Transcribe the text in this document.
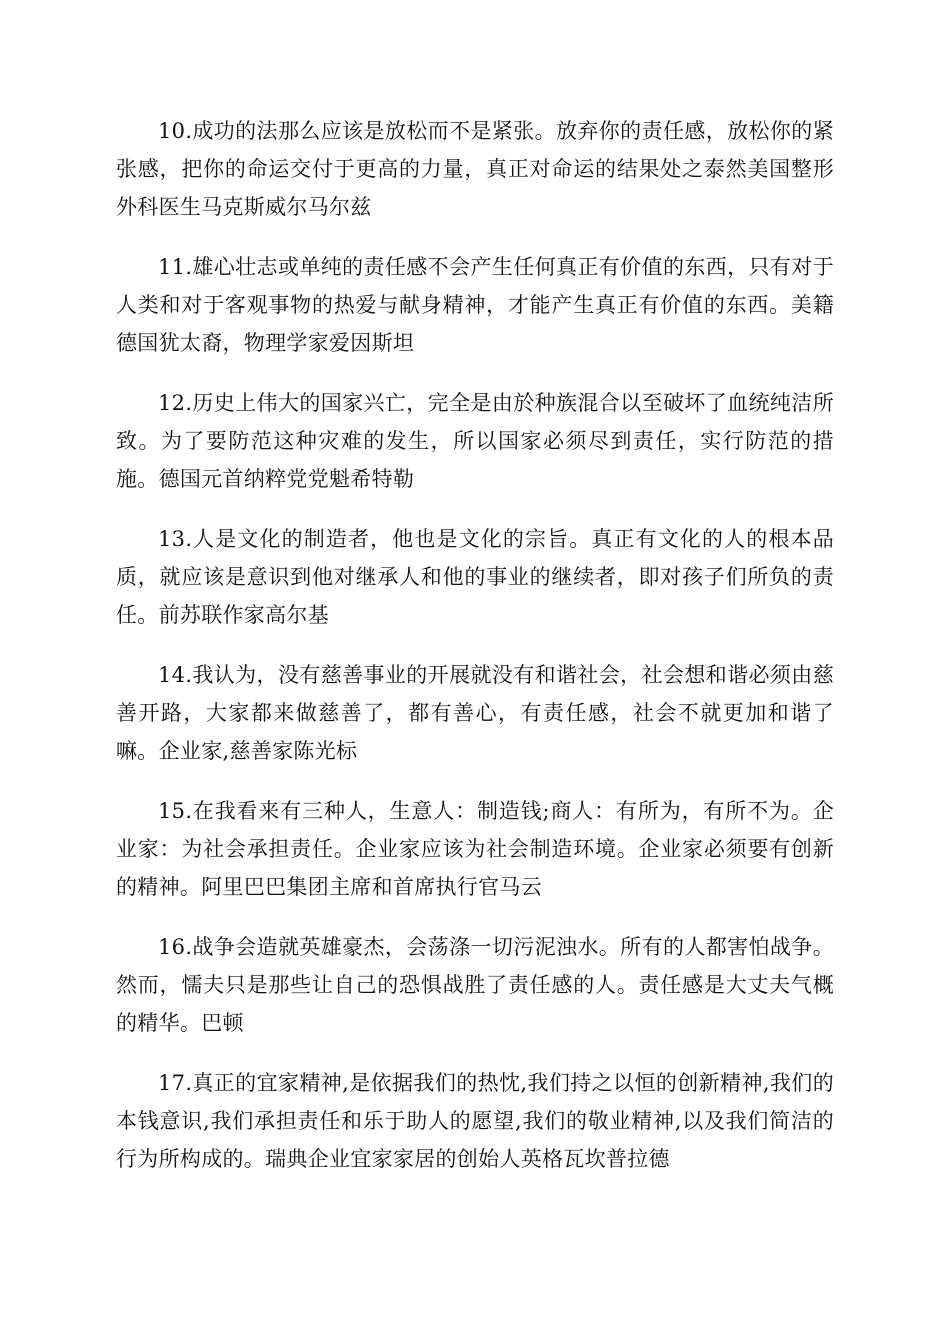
10.成功的法那么应该是放松而不是紧张。放弃你的责任感，放松你的紧张感，把你的命运交付于更高的力量，真正对命运的结果处之泰然美国整形外科医生马克斯威尔马尔兹

11.雄心壮志或单纯的责任感不会产生任何真正有价值的东西，只有对于人类和对于客观事物的热爱与献身精神，才能产生真正有价值的东西。美籍德国犹太裔，物理学家爱因斯坦

12.历史上伟大的国家兴亡，完全是由於种族混合以至破坏了血统纯洁所致。为了要防范这种灾难的发生，所以国家必须尽到责任，实行防范的措施。德国元首纳粹党党魁希特勒

13.人是文化的制造者，他也是文化的宗旨。真正有文化的人的根本品质，就应该是意识到他对继承人和他的事业的继续者，即对孩子们所负的责任。前苏联作家高尔基

14.我认为，没有慈善事业的开展就没有和谐社会，社会想和谐必须由慈善开路，大家都来做慈善了，都有善心，有责任感，社会不就更加和谐了嘛。企业家,慈善家陈光标

15.在我看来有三种人，生意人：制造钱;商人：有所为，有所不为。企业家：为社会承担责任。企业家应该为社会制造环境。企业家必须要有创新的精神。阿里巴巴集团主席和首席执行官马云

16.战争会造就英雄豪杰，会荡涤一切污泥浊水。所有的人都害怕战争。然而，懦夫只是那些让自己的恐惧战胜了责任感的人。责任感是大丈夫气概的精华。巴顿

17.真正的宜家精神,是依据我们的热忱,我们持之以恒的创新精神,我们的本钱意识,我们承担责任和乐于助人的愿望,我们的敬业精神,以及我们简洁的行为所构成的。瑞典企业宜家家居的创始人英格瓦坎普拉德
